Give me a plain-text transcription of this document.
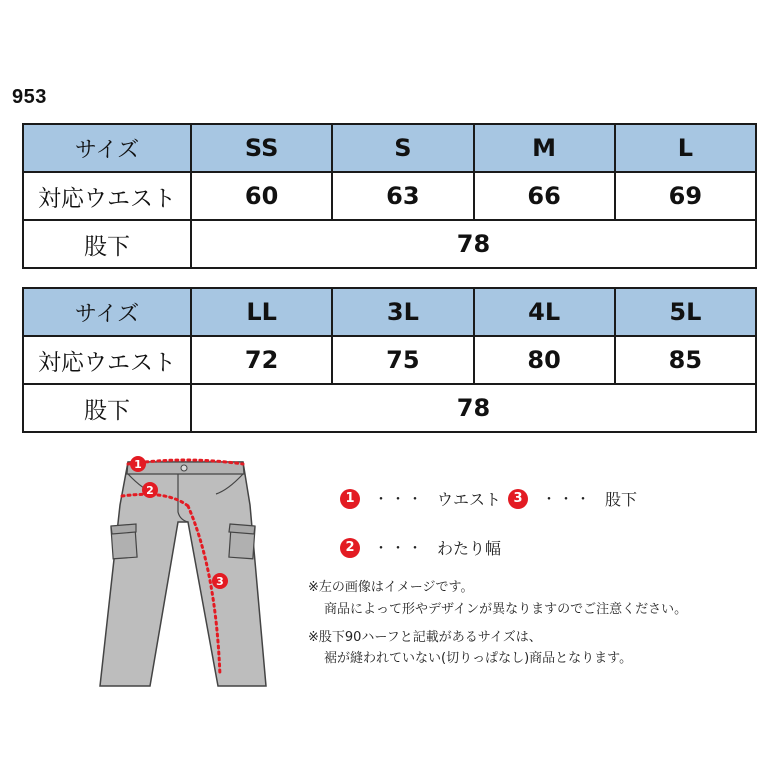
953
サイズ	SS	S	M	L
対応ウエスト	60	63	66	69
股下	78			
サイズ	LL	3L	4L	5L
対応ウエスト	72	75	80	85
股下	78			
1
2
3
1	・・・ ウエスト 3	・・・ 股下
2	・・・ わたり幅
※左の画像はイメージです。
商品によって形やデザインが異なりますのでご注意ください。
※股下90ハーフと記載があるサイズは、
裾が縫われていない(切りっぱなし)商品となります。
